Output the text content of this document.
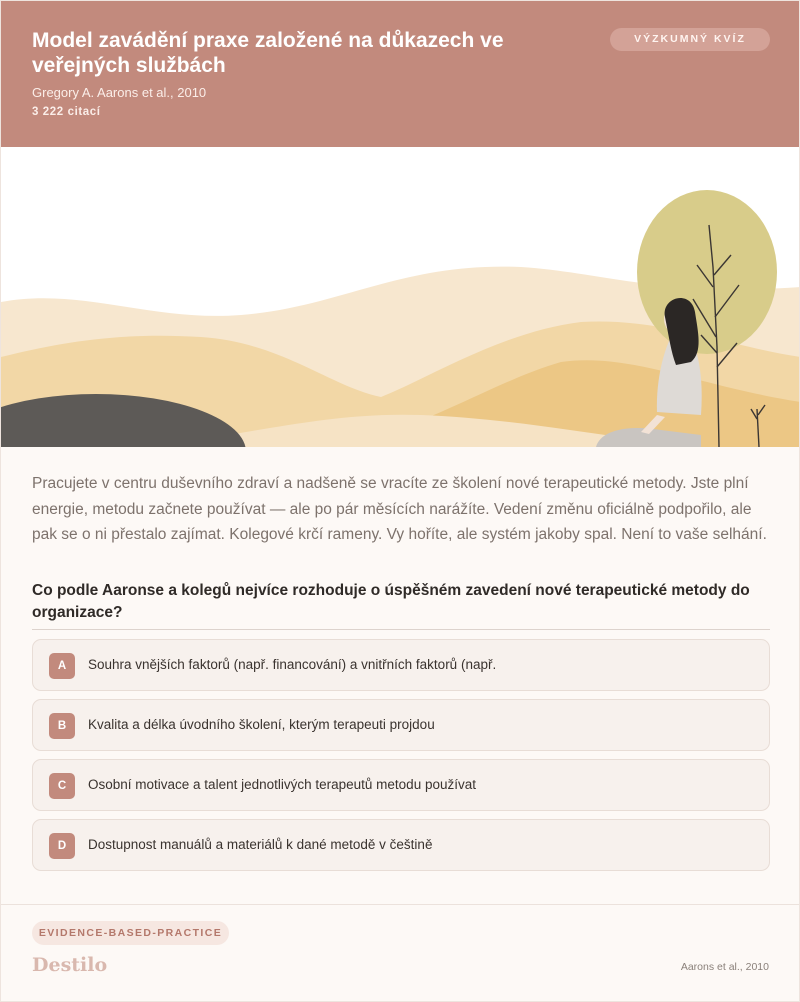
Model zavádění praxe založené na důkazech ve veřejných službách
Gregory A. Aarons et al., 2010
3 222 citací
VÝZKUMNÝ KVÍZ

Pracujete v centru duševního zdraví a nadšeně se vracíte ze školení nové terapeutické metody. Jste plní energie, metodu začnete používat — ale po pár měsících narážíte. Vedení změnu oficiálně podpořilo, ale pak se o ni přestalo zajímat. Kolegové krčí rameny. Vy hoříte, ale systém jakoby spal. Není to vaše selhání.

Co podle Aaronse a kolegů nejvíce rozhoduje o úspěšném zavedení nové terapeutické metody do organizace?

A	Souhra vnějších faktorů (např. financování) a vnitřních faktorů (např.
B	Kvalita a délka úvodního školení, kterým terapeuti projdou
C	Osobní motivace a talent jednotlivých terapeutů metodu používat
D	Dostupnost manuálů a materiálů k dané metodě v češtině
EVIDENCE-BASED-PRACTICE
Destilo	Aarons et al., 2010
